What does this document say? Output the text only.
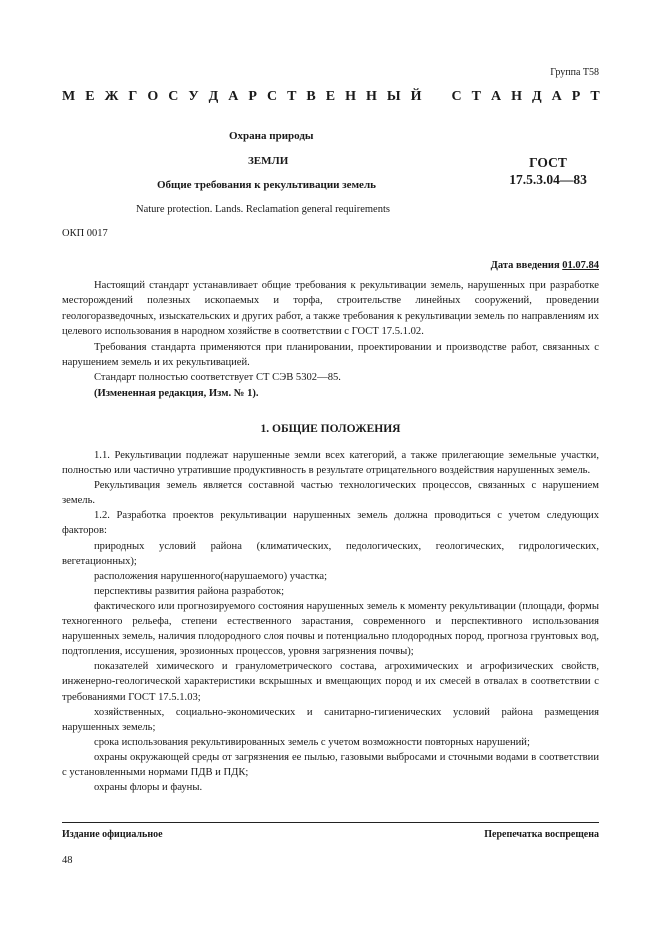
Группа Т58
М Е Ж Г О С У Д А Р С Т В Е Н Н Ы Й С Т А Н Д А Р Т
Охрана природы
ЗЕМЛИ
Общие требования к рекультивации земель
Nature protection. Lands. Reclamation general requirements
ГОСТ
17.5.3.04—83
ОКП 0017
Дата введения 01.07.84

Настоящий стандарт устанавливает общие требования к рекультивации земель, нарушенных при разработке месторождений полезных ископаемых и торфа, строительстве линейных сооружений, проведении геологоразведочных, изыскательских и других работ, а также требования к рекультивации земель по направлениям их целевого использования в народном хозяйстве в соответствии с ГОСТ 17.5.1.02.

Требования стандарта применяются при планировании, проектировании и производстве работ, связанных с нарушением земель и их рекультивацией.

Стандарт полностью соответствует СТ СЭВ 5302—85.

(Измененная редакция, Изм. № 1).

1. ОБЩИЕ ПОЛОЖЕНИЯ

1.1. Рекультивации подлежат нарушенные земли всех категорий, а также прилегающие земельные участки, полностью или частично утратившие продуктивность в результате отрицательного воздействия нарушенных земель.

Рекультивация земель является составной частью технологических процессов, связанных с нарушением земель.

1.2. Разработка проектов рекультивации нарушенных земель должна проводиться с учетом следующих факторов:

природных условий района (климатических, педологических, геологических, гидрологических, вегетационных);

расположения нарушенного(нарушаемого) участка;

перспективы развития района разработок;

фактического или прогнозируемого состояния нарушенных земель к моменту рекультивации (площади, формы техногенного рельефа, степени естественного зарастания, современного и перспективного использования нарушенных земель, наличия плодородного слоя почвы и потенциально плодородных пород, прогноза грунтовых вод, подтопления, иссушения, эрозионных процессов, уровня загрязнения почвы);

показателей химического и гранулометрического состава, агрохимических и агрофизических свойств, инженерно-геологической характеристики вскрышных и вмещающих пород и их смесей в отвалах в соответствии с требованиями ГОСТ 17.5.1.03;

хозяйственных, социально-экономических и санитарно-гигиенических условий района размещения нарушенных земель;

срока использования рекультивированных земель с учетом возможности повторных нарушений;

охраны окружающей среды от загрязнения ее пылью, газовыми выбросами и сточными водами в соответствии с установленными нормами ПДВ и ПДК;

охраны флоры и фауны.

Издание официальное	Перепечатка воспрещена
48
